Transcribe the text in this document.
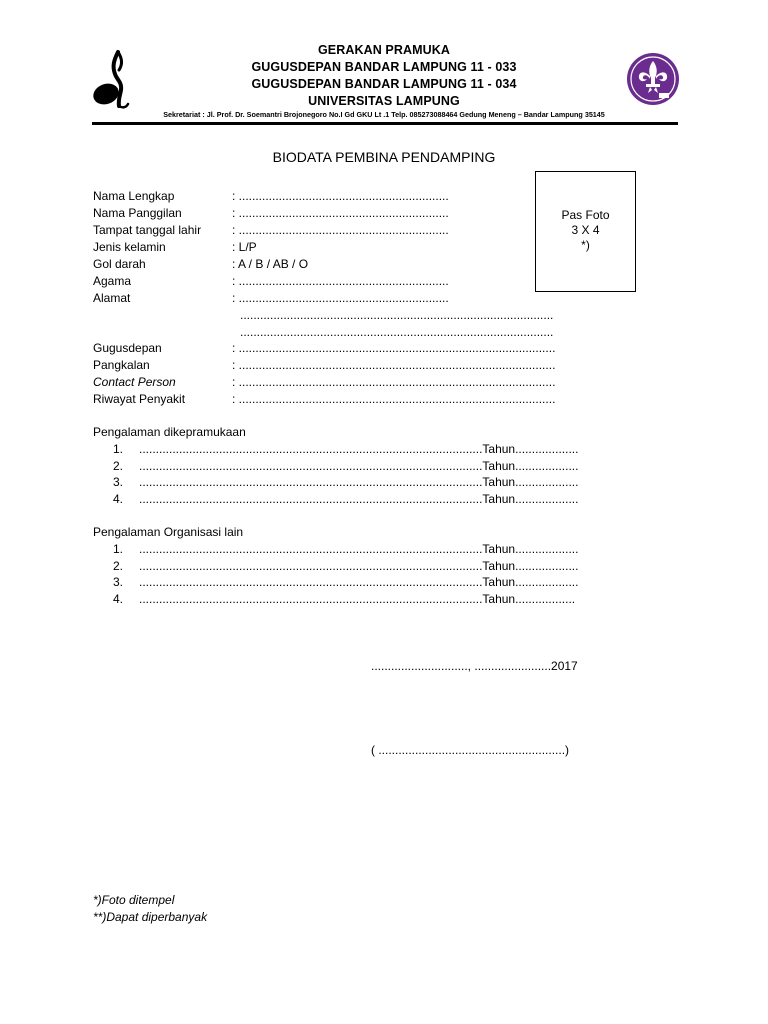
GERAKAN PRAMUKA
GUGUSDEPAN BANDAR LAMPUNG 11 - 033
GUGUSDEPAN BANDAR LAMPUNG 11 - 034
UNIVERSITAS LAMPUNG
Sekretariat : Jl. Prof. Dr. Soemantri Brojonegoro No.I Gd GKU Lt .1 Telp. 085273088464 Gedung Meneng – Bandar Lampung 35145
BIODATA PEMBINA PENDAMPING
Pas Foto
3 X 4
*)
Nama Lengkap	: ...............................................................
Nama Panggilan	: ...............................................................
Tampat tanggal lahir	: ...............................................................
Jenis kelamin	: L/P
Gol darah	: A / B / AB / O
Agama	: ...............................................................
Alamat	: ...............................................................
..............................................................................................
..............................................................................................
Gugusdepan	: ...............................................................................................
Pangkalan	: ...............................................................................................
Contact Person	: ...............................................................................................
Riwayat Penyakit	: ...............................................................................................
Pengalaman dikepramukaan
1. .......................................................................................................Tahun...................
2. .......................................................................................................Tahun...................
3. .......................................................................................................Tahun...................
4. .......................................................................................................Tahun...................
Pengalaman Organisasi lain
1. .......................................................................................................Tahun...................
2. .......................................................................................................Tahun...................
3. .......................................................................................................Tahun...................
4. .......................................................................................................Tahun..................
............................., .......................2017
( ........................................................)
*)Foto ditempel
**)Dapat diperbanyak
